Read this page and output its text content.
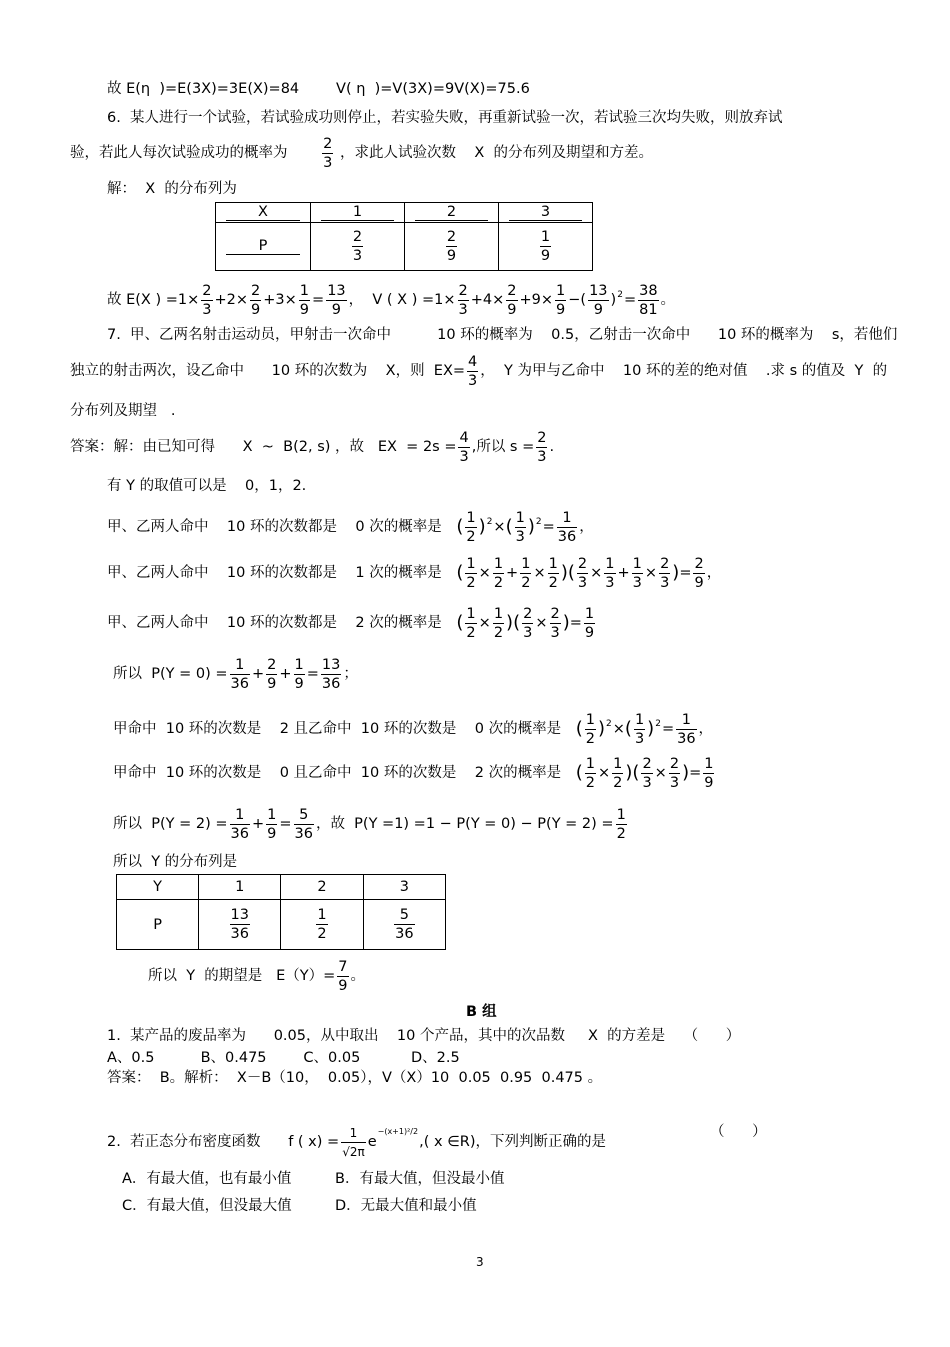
故 E(η  )=E(3X)=3E(X)=84        V( η  )=V(3X)=9V(X)=75.6
6.  某人进行一个试验，若试验成功则停止，若实验失败，再重新试验一次，若试验三次均失败，则放弃试
验，若此人每次试验成功的概率为 $\frac{2}{3}$ ，求此人试验次数    X  的分布列及期望和方差。
解：  X  的分布列为
X	1	2	3
P	$\frac{2}{3}$	$\frac{2}{9}$	$\frac{1}{9}$
故 E(X ) $=1\times \frac{2}{3} +2\times \frac{2}{9} +3\times \frac{1}{9} = \frac{13}{9}$ ，  V ( X ) $=1\times \frac{2}{3} +4\times \frac{2}{9} +9\times \frac{1}{9}$ −( $\frac{13}{9} )^2= \frac{38}{81}$ 。
7.  甲、乙两名射击运动员，甲射击一次命中          10 环的概率为    0.5，乙射击一次命中      10 环的概率为    s，若他们
独立的射击两次，设乙命中      10 环的次数为    X，则  $EX= \frac{4}{3}$ ，  Y 为甲与乙命中    10 环的差的绝对值    .求 s 的值及  Y  的
分布列及期望   .
答案：解：由已知可得      X  ~  B(2, s) ，故   EX  = $2s = \frac{4}{3}$ ,所以 $s = \frac{2}{3}$ .
有 Y 的取值可以是    0，1，2.
甲、乙两人命中    10 环的次数都是    0 次的概率是 ( $\frac{1}{2} )^2\times( \frac{1}{3} )^2= \frac{1}{36}$ ，
甲、乙两人命中    10 环的次数都是    1 次的概率是 ( $\frac{1}{2} \times \frac{1}{2} + \frac{1}{2} \times \frac{1}{2}$ )( $\frac{2}{3} \times \frac{1}{3} + \frac{1}{3} \times \frac{2}{3}$ )= $\frac{2}{9}$ ，
甲、乙两人命中    10 环的次数都是    2 次的概率是 ( $\frac{1}{2} \times \frac{1}{2}$ )( $\frac{2}{3} \times \frac{2}{3}$ )= $\frac{1}{9}$
所以  $P(Y = 0) = \frac{1}{36} + \frac{2}{9} + \frac{1}{9} = \frac{13}{36}$ ；
甲命中  10 环的次数是    2 且乙命中  10 环的次数是    0 次的概率是 ( $\frac{1}{2} )^2\times( \frac{1}{3} )^2= \frac{1}{36}$ ，
甲命中  10 环的次数是    0 且乙命中  10 环的次数是    2 次的概率是 ( $\frac{1}{2} \times \frac{1}{2}$ )( $\frac{2}{3} \times \frac{2}{3}$ )= $\frac{1}{9}$
所以  $P(Y = 2) = \frac{1}{36} + \frac{1}{9} = \frac{5}{36}$ ，故  $P(Y =1) =1 - P(Y = 0) - P(Y = 2) = \frac{1}{2}$
所以  Y 的分布列是
Y	1	2	3
P	$\frac{13}{36}$	$\frac{1}{2}$	$\frac{5}{36}$
所以  Y  的期望是   $E(Y)= \frac{7}{9}$ 。
B 组
1.  某产品的废品率为      0.05，从中取出    10 个产品，其中的次品数     X  的方差是    （      ）
A、0.5          B、0.475        C、0.05           D、2.5
答案：  B。解析：  X－B（10，  0.05），V（X）10  0.05  0.95  0.475 。
2.  若正态分布密度函数      f ( $x) = \frac{1}{√2\pi} e^{-(x+1)^2/2}$,( x ∈R)，下列判断正确的是
（      ）
A．有最大值，也有最小值	B．有最大值，但没最小值
C．有最大值，但没最大值	D．无最大值和最小值
3
